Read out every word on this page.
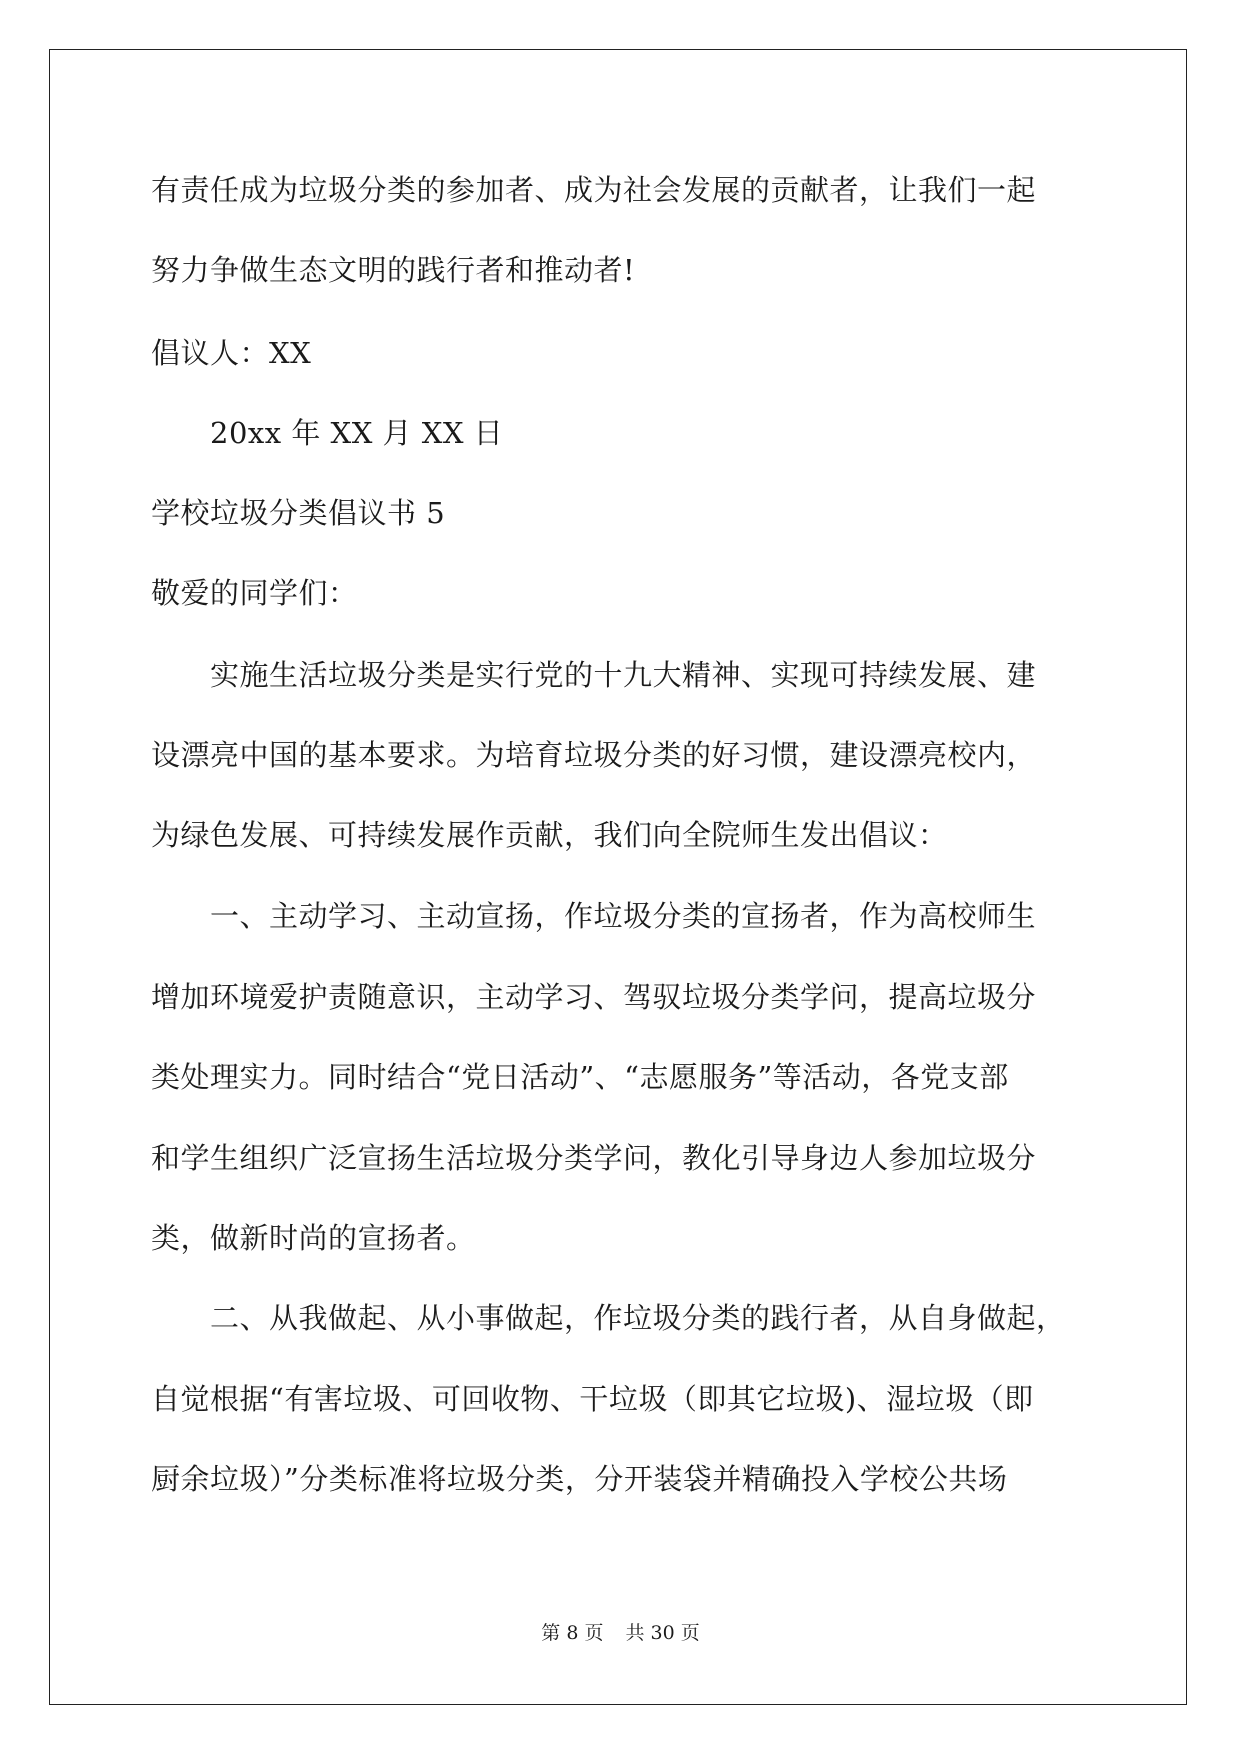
有责任成为垃圾分类的参加者、成为社会发展的贡献者，让我们一起
努力争做生态文明的践行者和推动者!
倡议人：XX
20xx 年 XX 月 XX 日
学校垃圾分类倡议书 5
敬爱的同学们：
实施生活垃圾分类是实行党的十九大精神、实现可持续发展、建
设漂亮中国的基本要求。为培育垃圾分类的好习惯，建设漂亮校内，
为绿色发展、可持续发展作贡献，我们向全院师生发出倡议：
一、主动学习、主动宣扬，作垃圾分类的宣扬者，作为高校师生
增加环境爱护责随意识，主动学习、驾驭垃圾分类学问，提高垃圾分
类处理实力。同时结合“党日活动”、“志愿服务”等活动，各党支部
和学生组织广泛宣扬生活垃圾分类学问，教化引导身边人参加垃圾分
类，做新时尚的宣扬者。
二、从我做起、从小事做起，作垃圾分类的践行者，从自身做起，
自觉根据“有害垃圾、可回收物、干垃圾（即其它垃圾)、湿垃圾（即
厨余垃圾）”分类标准将垃圾分类，分开装袋并精确投入学校公共场
第 8 页 共 30 页
